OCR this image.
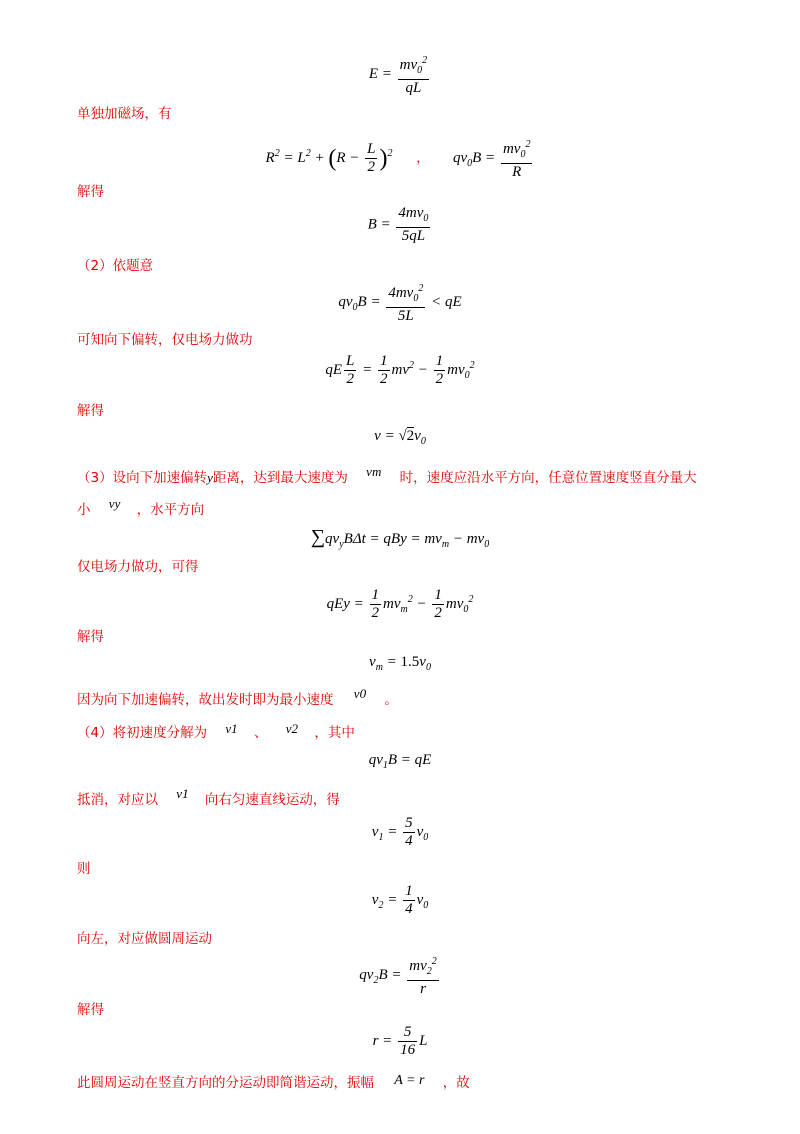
$E = \frac{mv_0^2}{qL}$
单独加磁场，有
$R^2 = L^2 + (R - \frac{L}{2} )^2$ ， $qv_0B = \frac{mv_0^2}{R}$
解得
$B = \frac{4mv_0}{5qL}$
（2）依题意
$qv_0B = \frac{4mv_0^2}{5L}$ < qE
可知向下偏转，仅电场力做功
qE $\frac{L}{2} = \frac{1}{2} mv^2 - \frac{1}{2} mv_0^2$
解得
$v = √2v_0$
（3）设向下加速偏转y距离，达到最大速度为 vm 时，速度应沿水平方向，任意位置速度竖直分量大
小 vy ，水平方向
$\sum qv_yB\Delta t$ = qBy = $mv_m - mv_0$
仅电场力做功，可得
qEy = $\frac{1}{2} mv_m^2 - \frac{1}{2} mv_0^2$
解得
$v_m = 1.5v_0$
因为向下加速偏转，故出发时即为最小速度 v0 。
（4）将初速度分解为 v1 、 v2 ，其中
$qv_1B$ = qE
抵消，对应以 v1 向右匀速直线运动，得
$v_1 = \frac{5}{4} v_0$
则
$v_2 = \frac{1}{4} v_0$
向左，对应做圆周运动
$qv_2B = \frac{mv_2^2}{r}$
解得
$r = \frac{5}{16}$ L
此圆周运动在竖直方向的分运动即简谐运动，振幅 A = r ，故
